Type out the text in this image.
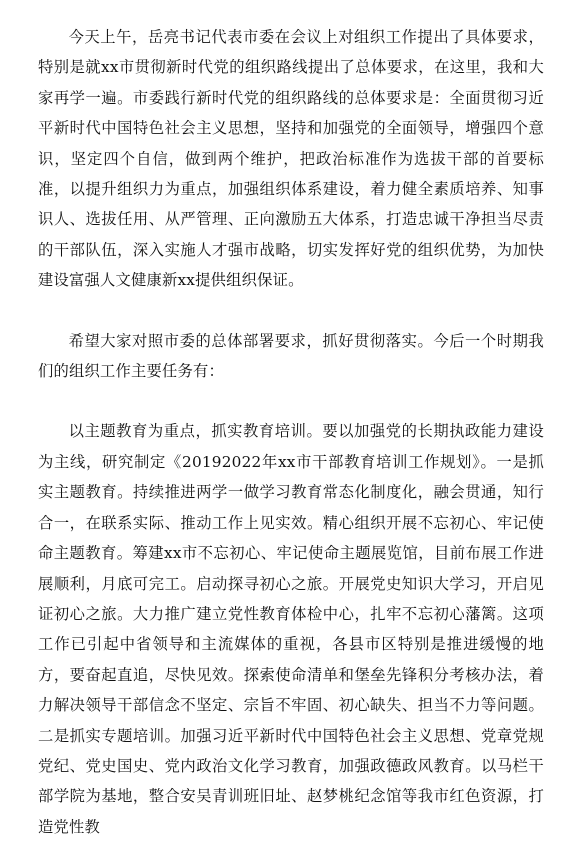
今天上午，岳亮书记代表市委在会议上对组织工作提出了具体要求，特别是就xx市贯彻新时代党的组织路线提出了总体要求，在这里，我和大家再学一遍。市委践行新时代党的组织路线的总体要求是：全面贯彻习近平新时代中国特色社会主义思想，坚持和加强党的全面领导，增强四个意识，坚定四个自信，做到两个维护，把政治标准作为选拔干部的首要标准，以提升组织力为重点，加强组织体系建设，着力健全素质培养、知事识人、选拔任用、从严管理、正向激励五大体系，打造忠诚干净担当尽责的干部队伍，深入实施人才强市战略，切实发挥好党的组织优势，为加快建设富强人文健康新xx提供组织保证。

希望大家对照市委的总体部署要求，抓好贯彻落实。今后一个时期我们的组织工作主要任务有：

以主题教育为重点，抓实教育培训。要以加强党的长期执政能力建设为主线，研究制定《20192022年xx市干部教育培训工作规划》。一是抓实主题教育。持续推进两学一做学习教育常态化制度化，融会贯通，知行合一，在联系实际、推动工作上见实效。精心组织开展不忘初心、牢记使命主题教育。筹建xx市不忘初心、牢记使命主题展览馆，目前布展工作进展顺利，月底可完工。启动探寻初心之旅。开展党史知识大学习，开启见证初心之旅。大力推广建立党性教育体检中心，扎牢不忘初心藩篱。这项工作已引起中省领导和主流媒体的重视，各县市区特别是推进缓慢的地方，要奋起直追，尽快见效。探索使命清单和堡垒先锋积分考核办法，着力解决领导干部信念不坚定、宗旨不牢固、初心缺失、担当不力等问题。二是抓实专题培训。加强习近平新时代中国特色社会主义思想、党章党规党纪、党史国史、党内政治文化学习教育，加强政德政风教育。以马栏干部学院为基地，整合安吴青训班旧址、赵梦桃纪念馆等我市红色资源，打造党性教
